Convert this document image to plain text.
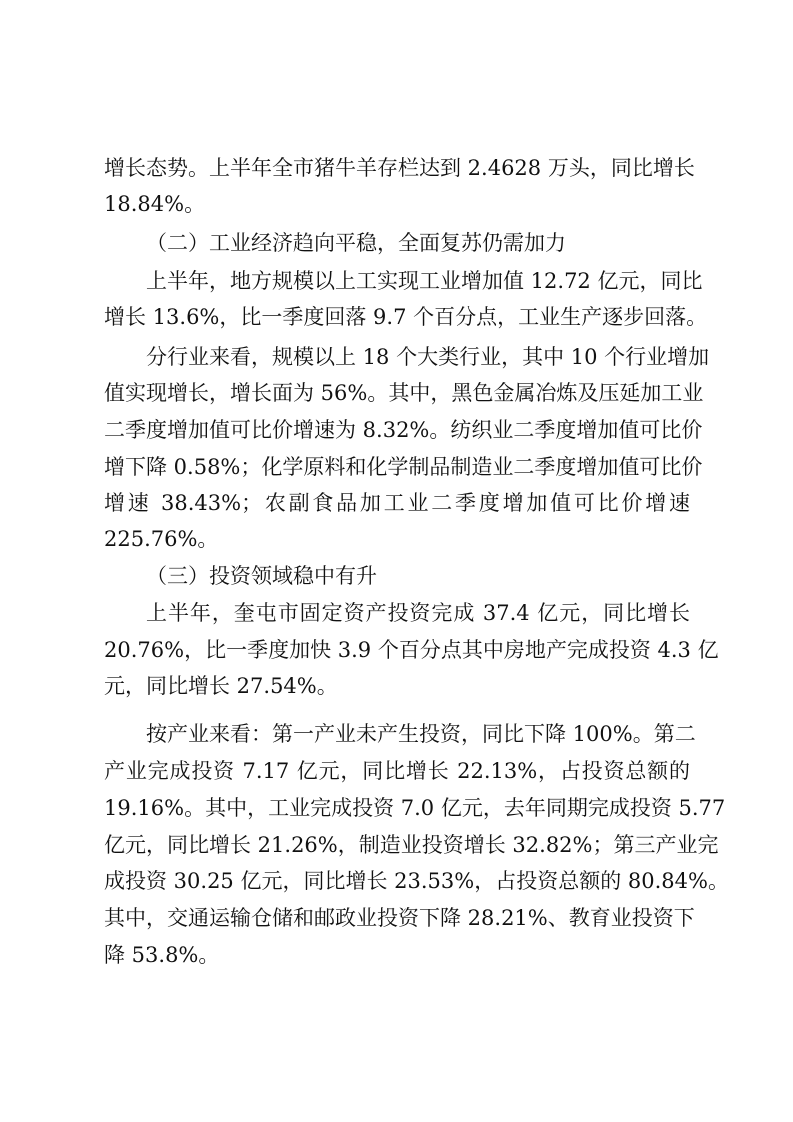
增长态势。上半年全市猪牛羊存栏达到 2.4628 万头，同比增长
18.84%。
（二）工业经济趋向平稳，全面复苏仍需加力
上半年，地方规模以上工实现工业增加值 12.72 亿元，同比
增长 13.6%，比一季度回落 9.7 个百分点，工业生产逐步回落。
分行业来看，规模以上 18 个大类行业，其中 10 个行业增加
值实现增长，增长面为 56%。其中，黑色金属冶炼及压延加工业
二季度增加值可比价增速为 8.32%。纺织业二季度增加值可比价
增下降 0.58%；化学原料和化学制品制造业二季度增加值可比价
增速 38.43%；农副食品加工业二季度增加值可比价增速
225.76%。
（三）投资领域稳中有升
上半年，奎屯市固定资产投资完成 37.4 亿元，同比增长
20.76%，比一季度加快 3.9 个百分点其中房地产完成投资 4.3 亿
元，同比增长 27.54%。
按产业来看：第一产业未产生投资，同比下降 100%。第二
产业完成投资 7.17 亿元，同比增长 22.13%，占投资总额的
19.16%。其中，工业完成投资 7.0 亿元，去年同期完成投资 5.77
亿元，同比增长 21.26%，制造业投资增长 32.82%；第三产业完
成投资 30.25 亿元，同比增长 23.53%，占投资总额的 80.84%。
其中，交通运输仓储和邮政业投资下降 28.21%、教育业投资下
降 53.8%。
